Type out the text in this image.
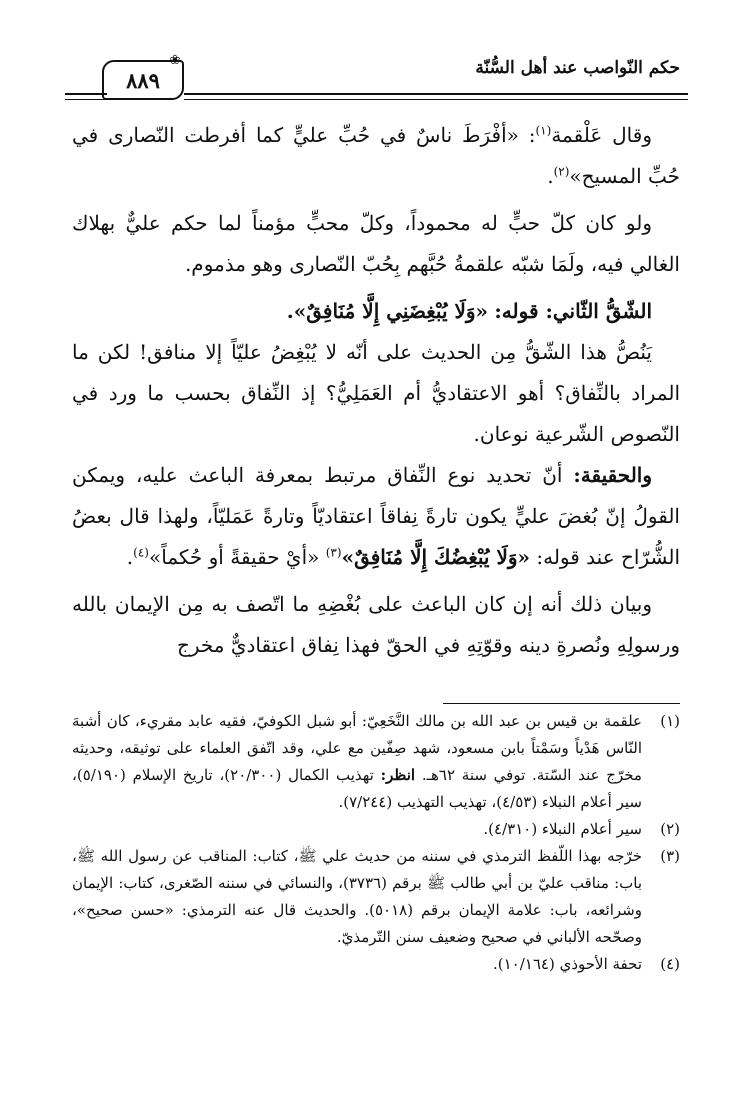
حكم النّواصب عند أهل السُّنّة
٨٨٩
❀

وقال عَلْقمة$^{(١)}$: «أفْرَطَ ناسٌ في حُبِّ عليٍّ كما أفرطت النّصارى في حُبِّ المسيح»$^{(٢)}$.

ولو كان كلّ حبٍّ له محموداً، وكلّ محبٍّ مؤمناً لما حكم عليٌّ بهلاك الغالي فيه، ولَمَا شبّه علقمةُ حُبَّهم بِحُبّ النّصارى وهو مذموم.

الشّقُّ الثّاني: قوله: «وَلَا يُبْغِضَنِي إِلَّا مُنَافِقٌ».

يَنُصُّ هذا الشّقُّ مِن الحديث على أنّه لا يُبْغِضُ عليّاً إلا منافق! لكن ما المراد بالنِّفاق؟ أهو الاعتقاديُّ أم العَمَلِيُّ؟ إذ النِّفاق بحسب ما ورد في النّصوص الشّرعية نوعان.

والحقيقة: أنّ تحديد نوع النِّفاق مرتبط بمعرفة الباعث عليه، ويمكن القولُ إنّ بُغضَ عليٍّ يكون تارةً نِفاقاً اعتقاديّاً وتارةً عَمَليّاً، ولهذا قال بعضُ الشُّرّاح عند قوله: «وَلَا يُبْغِضُكَ إِلَّا مُنَافِقٌ»$^{(٣)}$ «أيْ حقيقةً أو حُكماً»$^{(٤)}$.

وبيان ذلك أنه إن كان الباعث على بُغْضِهِ ما اتّصف به مِن الإيمان بالله ورسولِهِ ونُصرةِ دينه وقوّتِهِ في الحقّ فهذا نِفاق اعتقاديٌّ مخرج

(١)
علقمة بن قيس بن عبد الله بن مالك النَّخَعِيّ: أبو شبل الكوفيّ، فقيه عابد مقريء، كان أشبهَ النّاس هَدْياً وسَمْتاً بابن مسعود، شهد صِفّين مع علي، وقد اتّفق العلماء على توثيقه، وحديثه مخرّج عند السّتة. توفي سنة ٦٢هـ. انظر: تهذيب الكمال (٢٠/٣٠٠)، تاريخ الإسلام (٥/١٩٠)، سير أعلام النبلاء (٤/٥٣)، تهذيب التهذيب (٧/٢٤٤).
(٢)
سير أعلام النبلاء (٤/٣١٠).
(٣)
خرّجه بهذا اللّفظ الترمذي في سننه من حديث علي ﷺ، كتاب: المناقب عن رسول الله ﷺ، باب: مناقب عليّ بن أبي طالب ﷺ برقم (٣٧٣٦)، والنسائي في سننه الصّغرى، كتاب: الإيمان وشرائعه، باب: علامة الإيمان برقم (٥٠١٨). والحديث قال عنه الترمذي: «حسن صحيح»، وصحّحه الألباني في صحيح وضعيف سنن التّرمذيّ.
(٤)
تحفة الأحوذي (١٠/١٦٤).
